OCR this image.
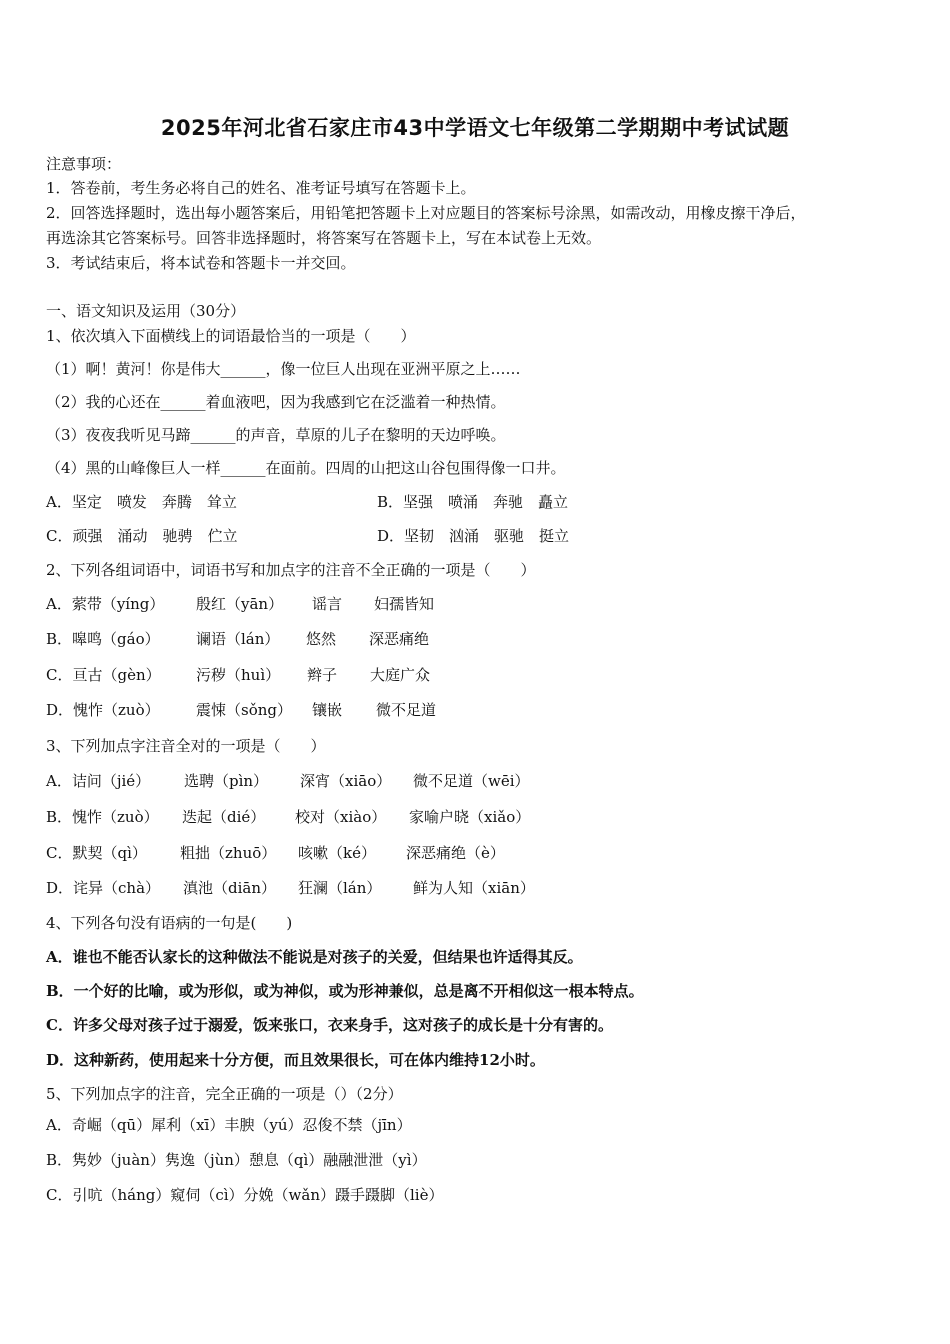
2025年河北省石家庄市43中学语文七年级第二学期期中考试试题
注意事项：
1．答卷前，考生务必将自己的姓名、准考证号填写在答题卡上。
2．回答选择题时，选出每小题答案后，用铅笔把答题卡上对应题目的答案标号涂黑，如需改动，用橡皮擦干净后，
再选涂其它答案标号。回答非选择题时，将答案写在答题卡上，写在本试卷上无效。
3．考试结束后，将本试卷和答题卡一并交回。
一、语文知识及运用（30分）
1、依次填入下面横线上的词语最恰当的一项是（　　）
（1）啊！黄河！你是伟大______，像一位巨人出现在亚洲平原之上……
（2）我的心还在______着血液吧，因为我感到它在泛滥着一种热情。
（3）夜夜我听见马蹄______的声音，草原的儿子在黎明的天边呼唤。
（4）黑的山峰像巨人一样______在面前。四周的山把这山谷包围得像一口井。
A．坚定　喷发　奔腾　耸立	B．坚强　喷涌　奔驰　矗立
C．顽强　涌动　驰骋　伫立	D．坚韧　汹涌　驱驰　挺立
2、下列各组词语中，词语书写和加点字的注音不全正确的一项是（　　）
A．萦带（yíng） 殷红（yān） 谣言 妇孺皆知
B．嗥鸣（gáo） 谰语（lán） 悠然 深恶痛绝
C．亘古（gèn） 污秽（huì） 辫子 大庭广众
D．愧怍（zuò） 震悚（sǒng） 镶嵌 微不足道
3、下列加点字注音全对的一项是（　　）
A．诘问（jié） 选聘（pìn） 深宵（xiāo） 微不足道（wēi）
B．愧怍（zuò） 迭起（dié） 校对（xiào） 家喻户晓（xiǎo）
C．默契（qì） 粗拙（zhuō） 咳嗽（ké） 深恶痛绝（è）
D．诧异（chà） 滇池（diān） 狂澜（lán） 鲜为人知（xiān）
4、下列各句没有语病的一句是(　　)
A．谁也不能否认家长的这种做法不能说是对孩子的关爱，但结果也许适得其反。
B．一个好的比喻，或为形似，或为神似，或为形神兼似，总是离不开相似这一根本特点。
C．许多父母对孩子过于溺爱，饭来张口，衣来身手，这对孩子的成长是十分有害的。
D．这种新药，使用起来十分方便，而且效果很长，可在体内维持12小时。
5、下列加点字的注音，完全正确的一项是（）（2分）
A．奇崛（qū）犀利（xī）丰腴（yú）忍俊不禁（jīn）
B．隽妙（juàn）隽逸（jùn）憩息（qì）融融泄泄（yì）
C．引吭（háng）窥伺（cì）分娩（wǎn）蹑手蹑脚（liè）
